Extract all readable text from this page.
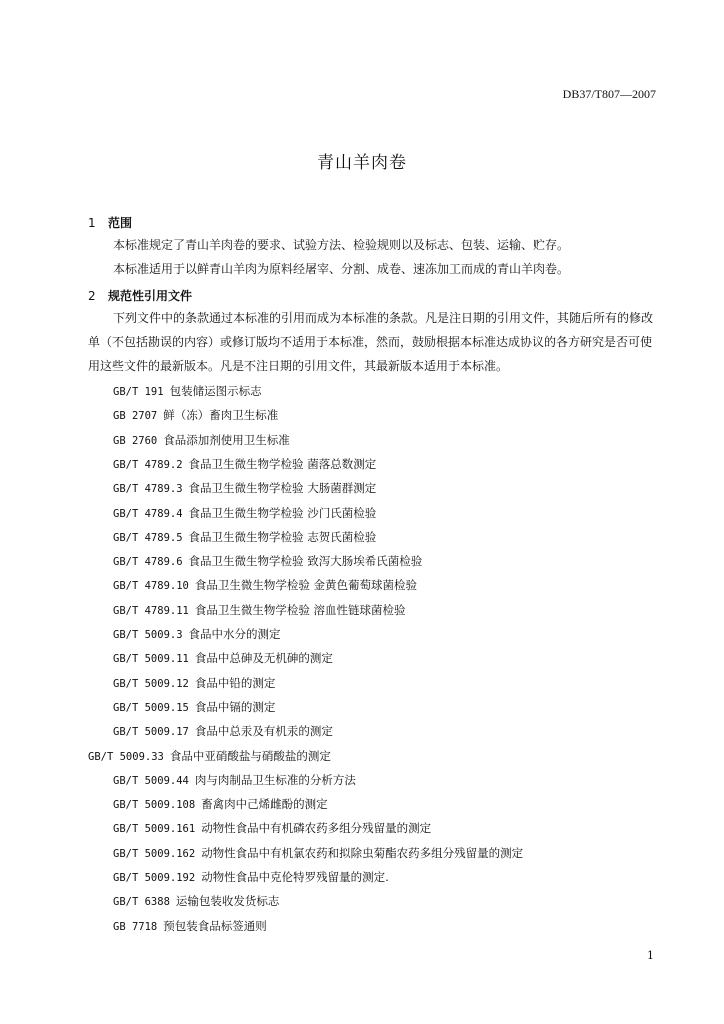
DB37/T807—2007
青山羊肉卷
1 范围
本标准规定了青山羊肉卷的要求、试验方法、检验规则以及标志、包装、运输、贮存。
本标准适用于以鲜青山羊肉为原料经屠宰、分割、成卷、速冻加工而成的青山羊肉卷。
2 规范性引用文件
下列文件中的条款通过本标准的引用而成为本标准的条款。凡是注日期的引用文件，其随后所有的修改单（不包括勘误的内容）或修订版均不适用于本标准，然而，鼓励根据本标准达成协议的各方研究是否可使用这些文件的最新版本。凡是不注日期的引用文件，其最新版本适用于本标准。
GB/T 191 包装储运图示标志
GB 2707 鲜（冻）畜肉卫生标准
GB 2760 食品添加剂使用卫生标准
GB/T 4789.2 食品卫生微生物学检验 菌落总数测定
GB/T 4789.3 食品卫生微生物学检验 大肠菌群测定
GB/T 4789.4 食品卫生微生物学检验 沙门氏菌检验
GB/T 4789.5 食品卫生微生物学检验 志贺氏菌检验
GB/T 4789.6 食品卫生微生物学检验 致泻大肠埃希氏菌检验
GB/T 4789.10 食品卫生微生物学检验 金黄色葡萄球菌检验
GB/T 4789.11 食品卫生微生物学检验 溶血性链球菌检验
GB/T 5009.3 食品中水分的测定
GB/T 5009.11 食品中总砷及无机砷的测定
GB/T 5009.12 食品中铅的测定
GB/T 5009.15 食品中镉的测定
GB/T 5009.17 食品中总汞及有机汞的测定
GB/T 5009.33 食品中亚硝酸盐与硝酸盐的测定
GB/T 5009.44 肉与肉制品卫生标准的分析方法
GB/T 5009.108 畜禽肉中己烯雌酚的测定
GB/T 5009.161 动物性食品中有机磷农药多组分残留量的测定
GB/T 5009.162 动物性食品中有机氯农药和拟除虫菊酯农药多组分残留量的测定
GB/T 5009.192 动物性食品中克伦特罗残留量的测定.
GB/T 6388 运输包装收发货标志
GB 7718 预包装食品标签通则
1
